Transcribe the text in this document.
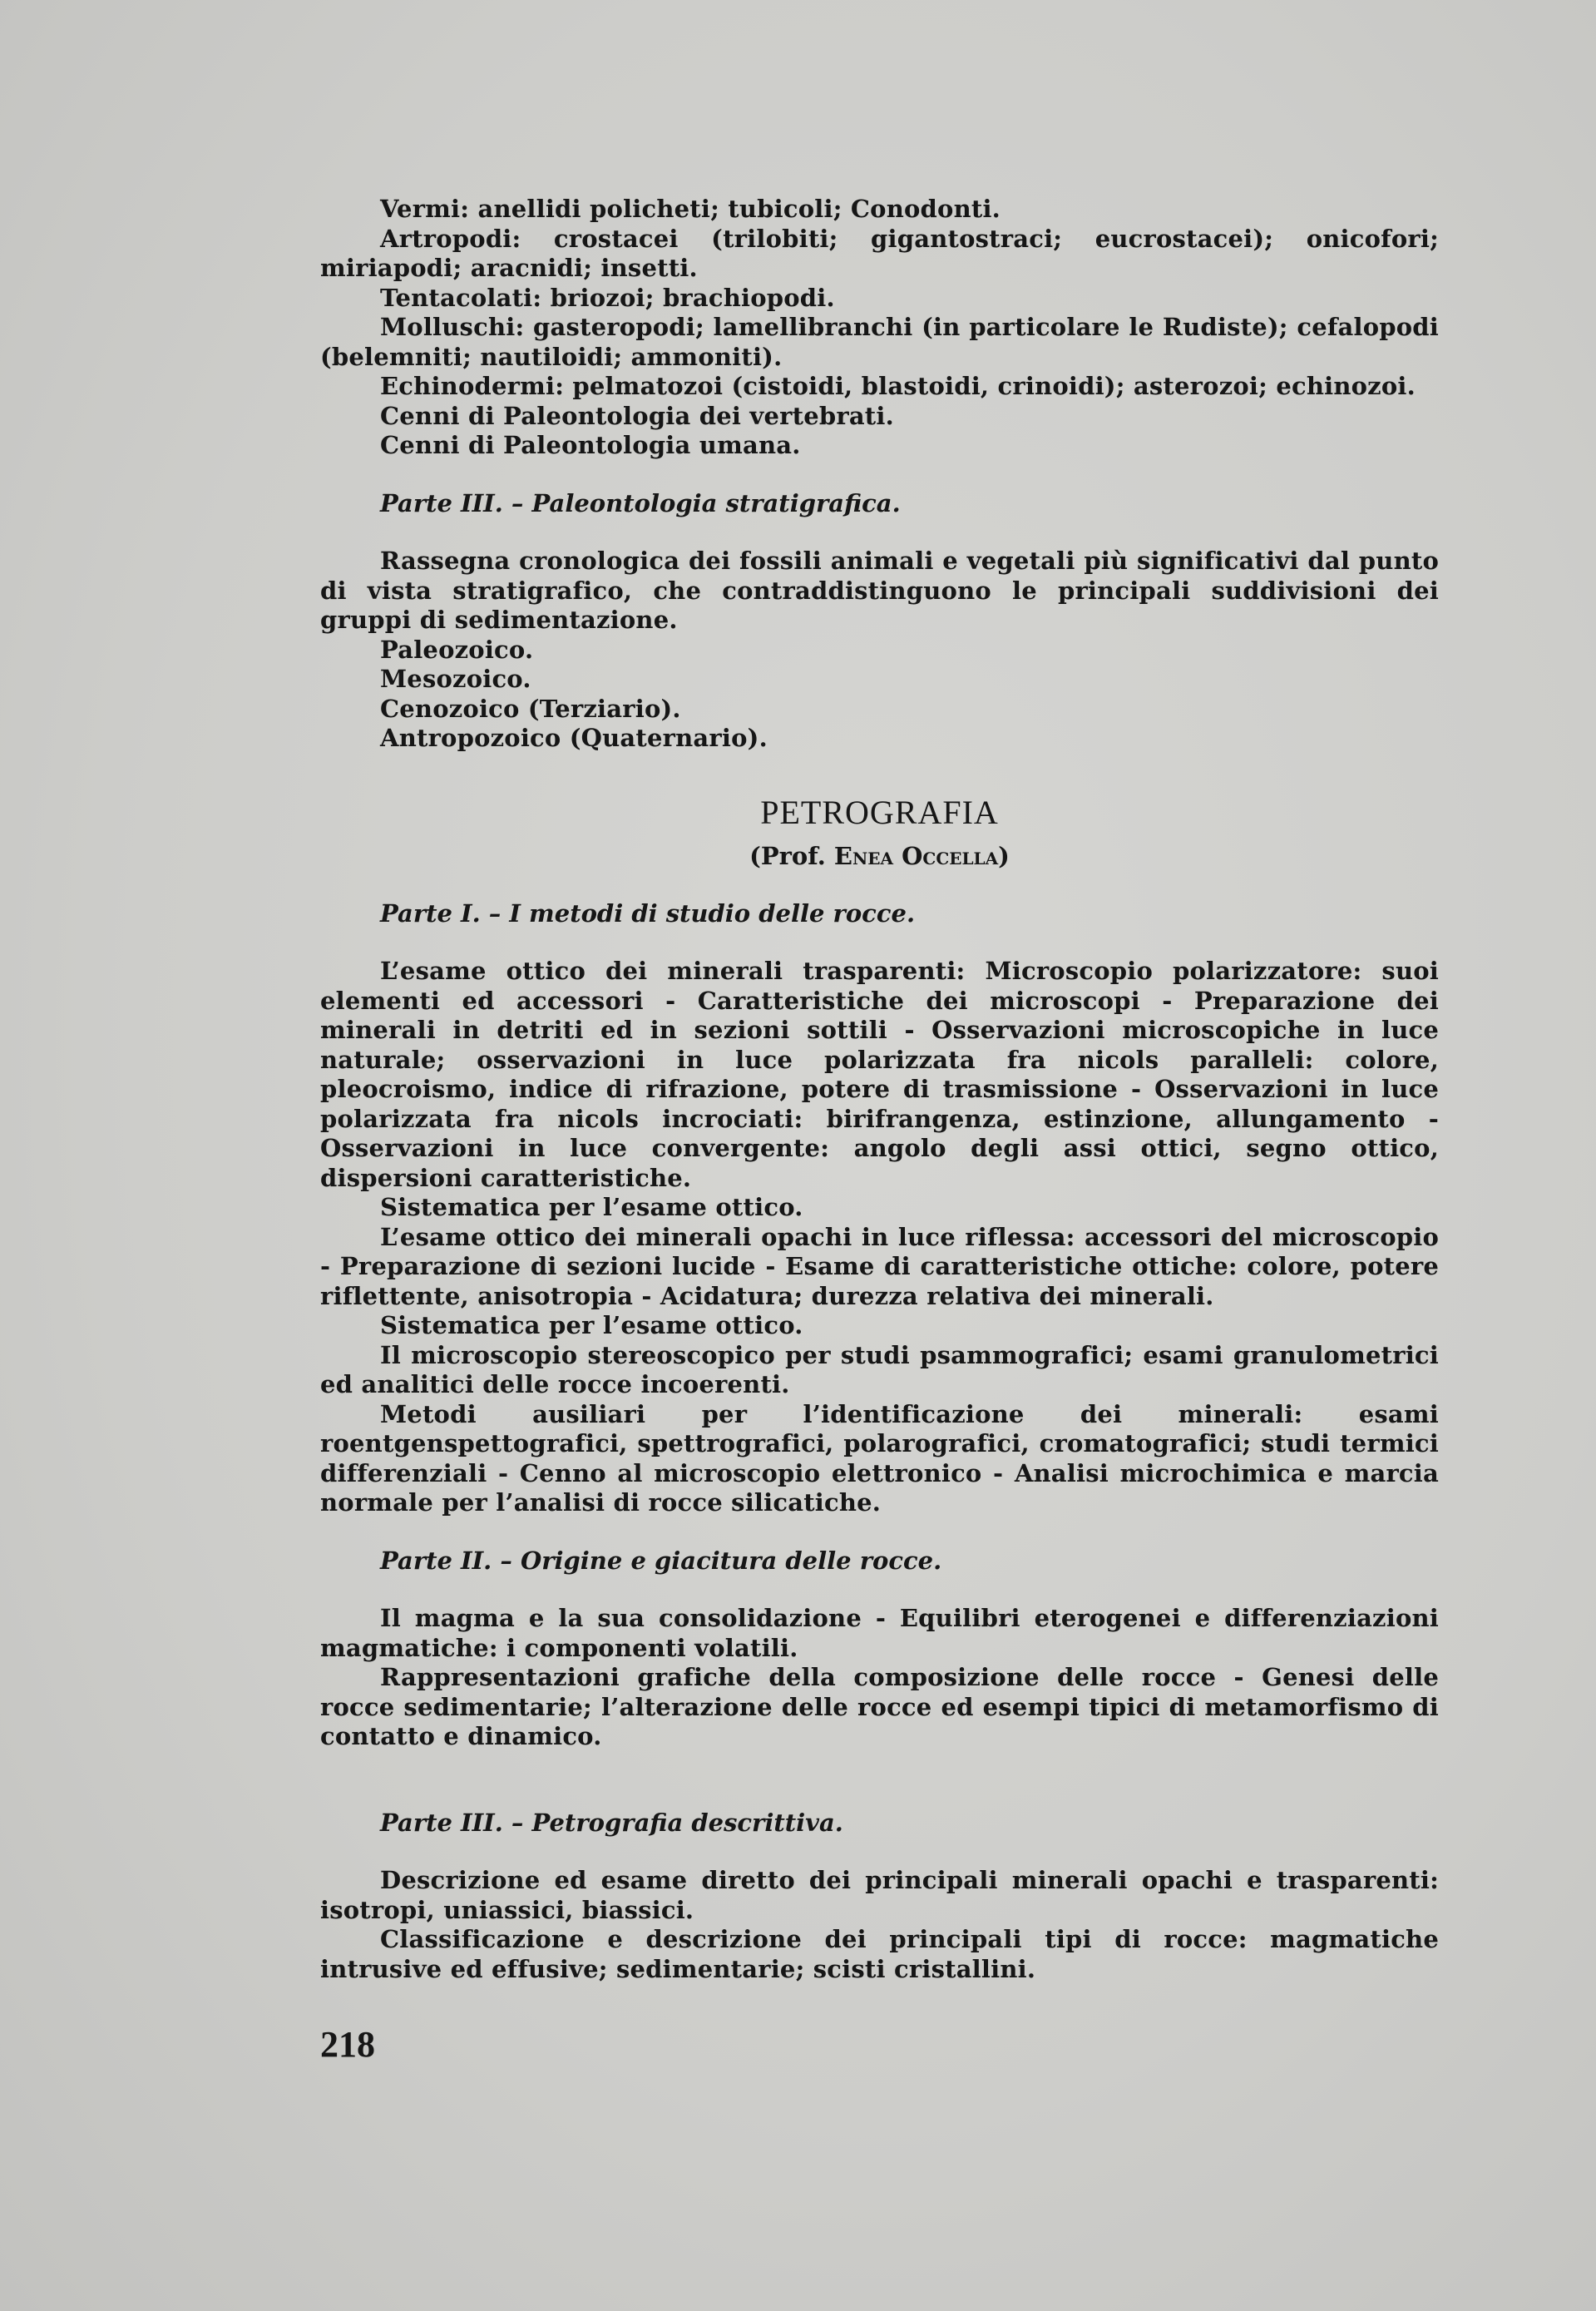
Vermi: anellidi policheti; tubicoli; Conodonti.

Artropodi: crostacei (trilobiti; gigantostraci; eucrostacei); onicofori; miriapodi; aracnidi; insetti.

Tentacolati: briozoi; brachiopodi.

Molluschi: gasteropodi; lamellibranchi (in particolare le Rudiste); cefalopodi (belemniti; nautiloidi; ammoniti).

Echinodermi: pelmatozoi (cistoidi, blastoidi, crinoidi); asterozoi; echinozoi.

Cenni di Paleontologia dei vertebrati.

Cenni di Paleontologia umana.

Parte III. – Paleontologia stratigrafica.

Rassegna cronologica dei fossili animali e vegetali più significativi dal punto di vista stratigrafico, che contraddistinguono le principali suddivisioni dei gruppi di sedimentazione.

Paleozoico.

Mesozoico.

Cenozoico (Terziario).

Antropozoico (Quaternario).

PETROGRAFIA
(Prof. Enea Occella)
Parte I. – I metodi di studio delle rocce.

L’esame ottico dei minerali trasparenti: Microscopio polarizzatore: suoi elementi ed accessori - Caratteristiche dei microscopi - Preparazione dei minerali in detriti ed in sezioni sottili - Osservazioni microscopiche in luce naturale; osservazioni in luce polarizzata fra nicols paralleli: colore, pleocroismo, indice di rifrazione, potere di trasmissione - Osservazioni in luce polarizzata fra nicols incrociati: birifrangenza, estinzione, allungamento - Osservazioni in luce convergente: angolo degli assi ottici, segno ottico, dispersioni caratteristiche.

Sistematica per l’esame ottico.

L’esame ottico dei minerali opachi in luce riflessa: accessori del microscopio - Preparazione di sezioni lucide - Esame di caratteristiche ottiche: colore, potere riflettente, anisotropia - Acidatura; durezza relativa dei minerali.

Sistematica per l’esame ottico.

Il microscopio stereoscopico per studi psammografici; esami granulometrici ed analitici delle rocce incoerenti.

Metodi ausiliari per l’identificazione dei minerali: esami roentgenspettografici, spettrografici, polarografici, cromatografici; studi termici differenziali - Cenno al microscopio elettronico - Analisi microchimica e marcia normale per l’analisi di rocce silicatiche.

Parte II. – Origine e giacitura delle rocce.

Il magma e la sua consolidazione - Equilibri eterogenei e differenziazioni magmatiche: i componenti volatili.

Rappresentazioni grafiche della composizione delle rocce - Genesi delle rocce sedimentarie; l’alterazione delle rocce ed esempi tipici di metamorfismo di contatto e dinamico.

Parte III. – Petrografia descrittiva.

Descrizione ed esame diretto dei principali minerali opachi e trasparenti: isotropi, uniassici, biassici.

Classificazione e descrizione dei principali tipi di rocce: magmatiche intrusive ed effusive; sedimentarie; scisti cristallini.

218
